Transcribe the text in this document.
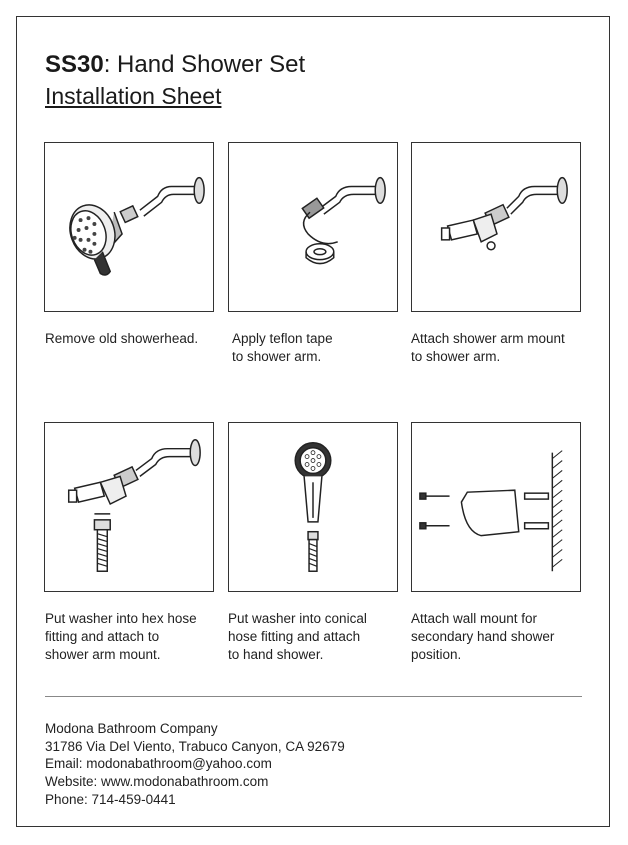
SS30: Hand Shower Set
Installation Sheet
Remove old showerhead.	Apply teflon tape
to shower arm.
Attach shower arm mount
to shower arm.
Put washer into hex hose
fitting and attach to
shower arm mount.
Put washer into conical
hose fitting and attach
to hand shower.
Attach wall mount for
secondary hand shower
position.
Modona Bathroom Company
31786 Via Del Viento, Trabuco Canyon, CA 92679
Email: modonabathroom@yahoo.com
Website: www.modonabathroom.com
Phone: 714-459-0441
